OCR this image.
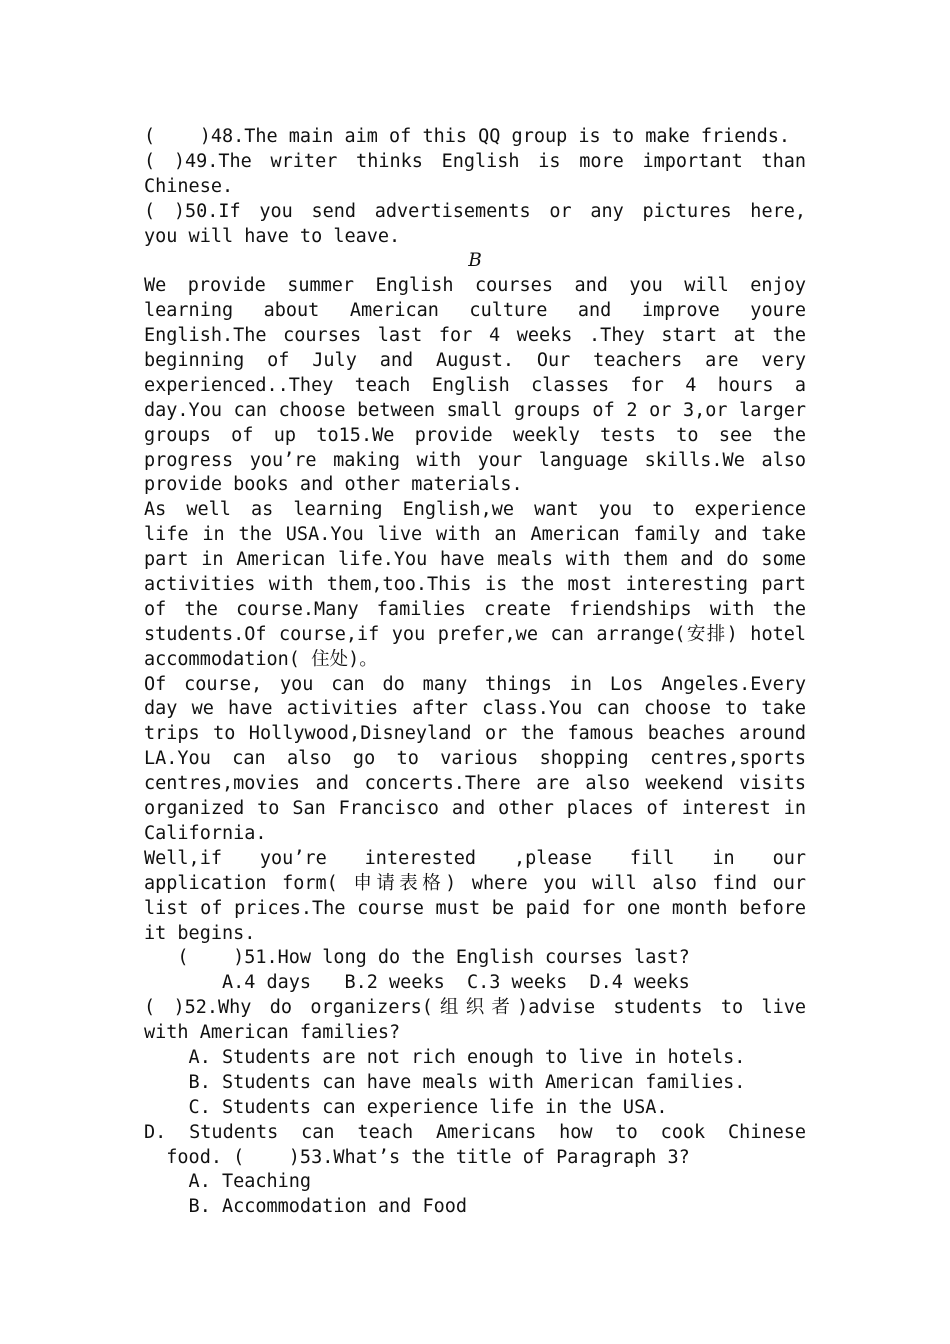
(    )48.The main aim of this QQ group is to make friends.
( )49.The writer thinks English is more important than
Chinese.
( )50.If you send advertisements or any pictures here,
you will have to leave.
B
We provide summer English courses and you will enjoy
learning about American culture and improve youre
English.The courses last for 4 weeks .They start at the
beginning of July and August. Our teachers are very
experienced..They teach English classes for 4 hours a
day.You can choose between small groups of 2 or 3,or larger
groups of up to15.We provide weekly tests to see the
progress you’re making with your language skills.We also
provide books and other materials.
As well as learning English,we want you to experience
life in the USA.You live with an American family and take
part in American life.You have meals with them and do some
activities with them,too.This is the most interesting part
of the course.Many families create friendships with the
students.Of course,if you prefer,we can arrange(安排) hotel
accommodation( 住处)。
Of course, you can do many things in Los Angeles.Every
day we have activities after class.You can choose to take
trips to Hollywood,Disneyland or the famous beaches around
LA.You can also go to various shopping centres,sports
centres,movies and concerts.There are also weekend visits
organized to San Francisco and other places of interest in
California.
Well,if you’re interested ,please fill in our
application form( 申请表格) where you will also find our
list of prices.The course must be paid for one month before
it begins.
(    )51.How long do the English courses last?
A.4 days   B.2 weeks  C.3 weeks  D.4 weeks
( )52.Why do organizers(组织者)advise students to live
with American families?
A. Students are not rich enough to live in hotels.
B. Students can have meals with American families.
C. Students can experience life in the USA.
D. Students can teach Americans how to cook Chinese
food. (    )53.What’s the title of Paragraph 3?
A. Teaching
B. Accommodation and Food
